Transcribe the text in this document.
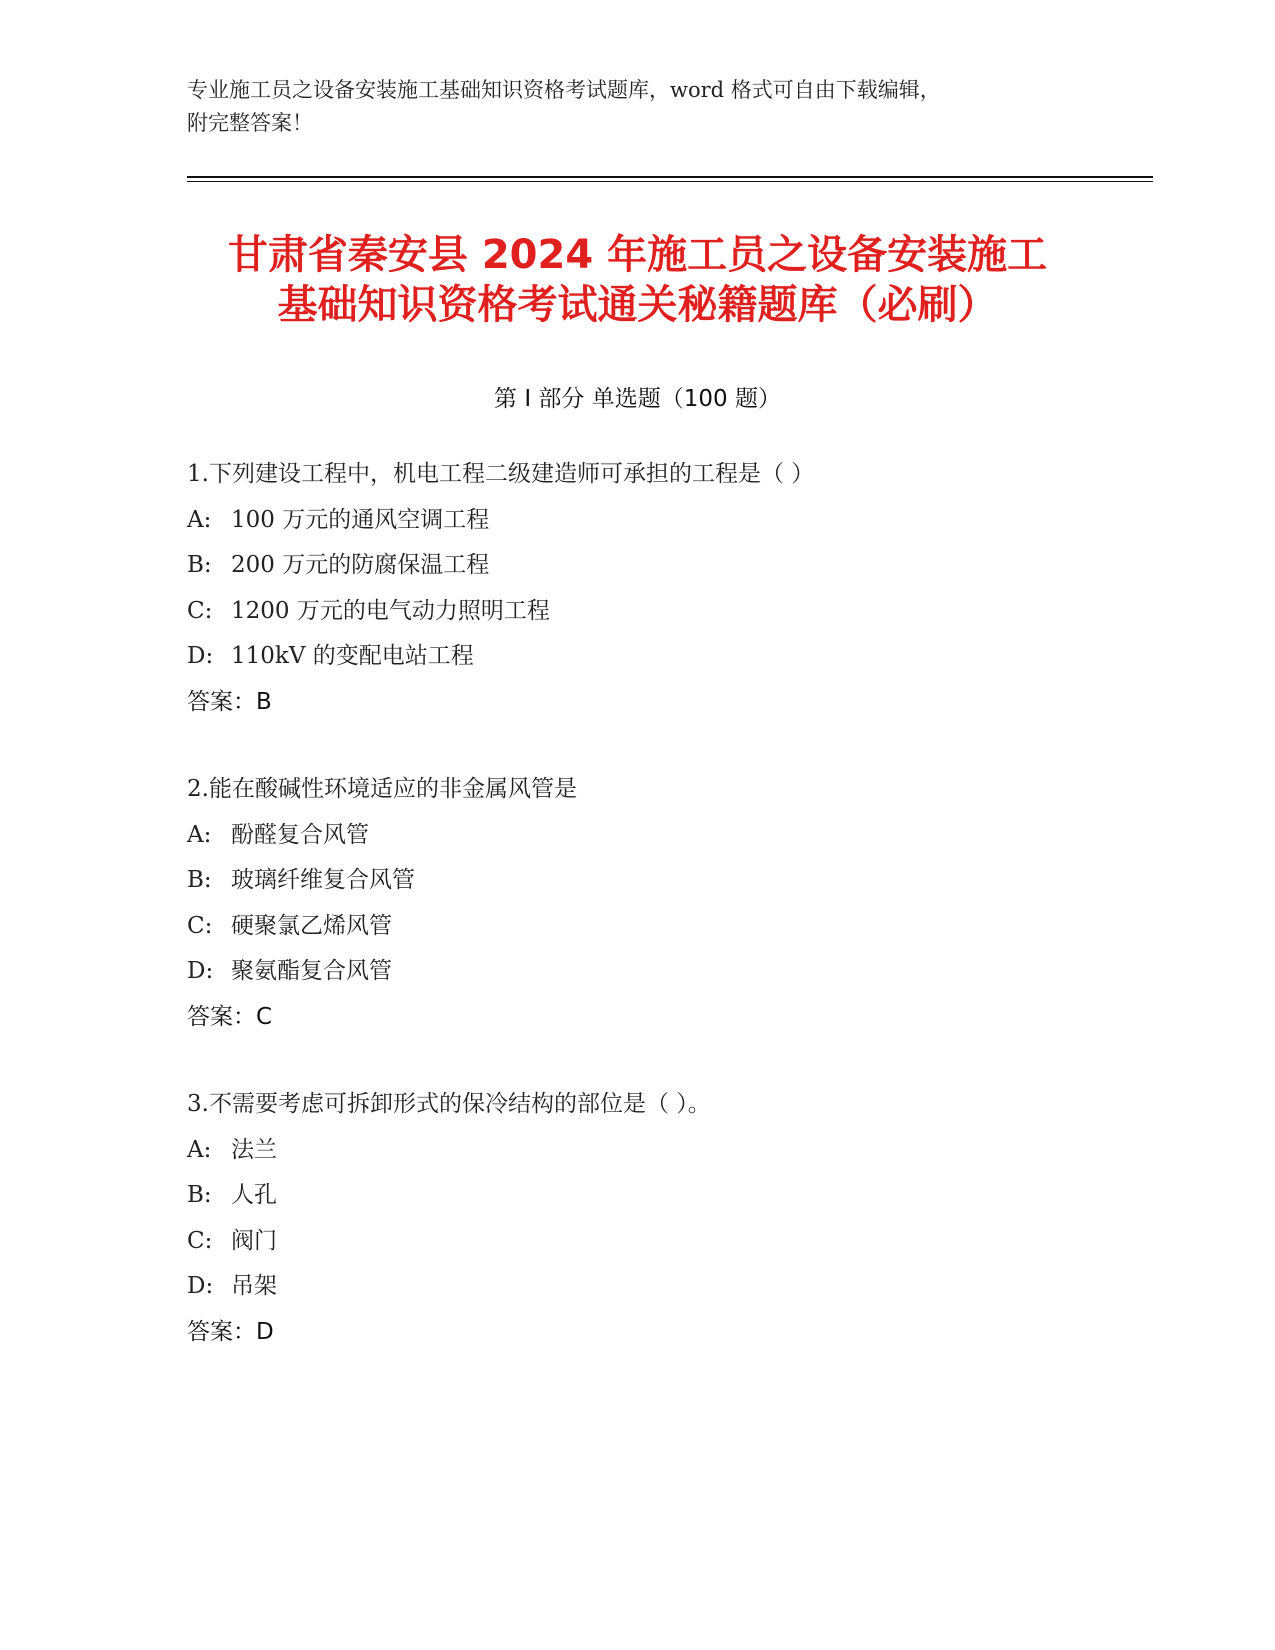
专业施工员之设备安装施工基础知识资格考试题库，word 格式可自由下载编辑，
附完整答案！
甘肃省秦安县 2024 年施工员之设备安装施工
基础知识资格考试通关秘籍题库（必刷）
第 I 部分 单选题（100 题）
1.下列建设工程中，机电工程二级建造师可承担的工程是（ ）
A: 100 万元的通风空调工程
B: 200 万元的防腐保温工程
C: 1200 万元的电气动力照明工程
D: 110kV 的变配电站工程
答案：B
2.能在酸碱性环境适应的非金属风管是
A: 酚醛复合风管
B: 玻璃纤维复合风管
C: 硬聚氯乙烯风管
D: 聚氨酯复合风管
答案：C
3.不需要考虑可拆卸形式的保冷结构的部位是（ ）。
A: 法兰
B: 人孔
C: 阀门
D: 吊架
答案：D
